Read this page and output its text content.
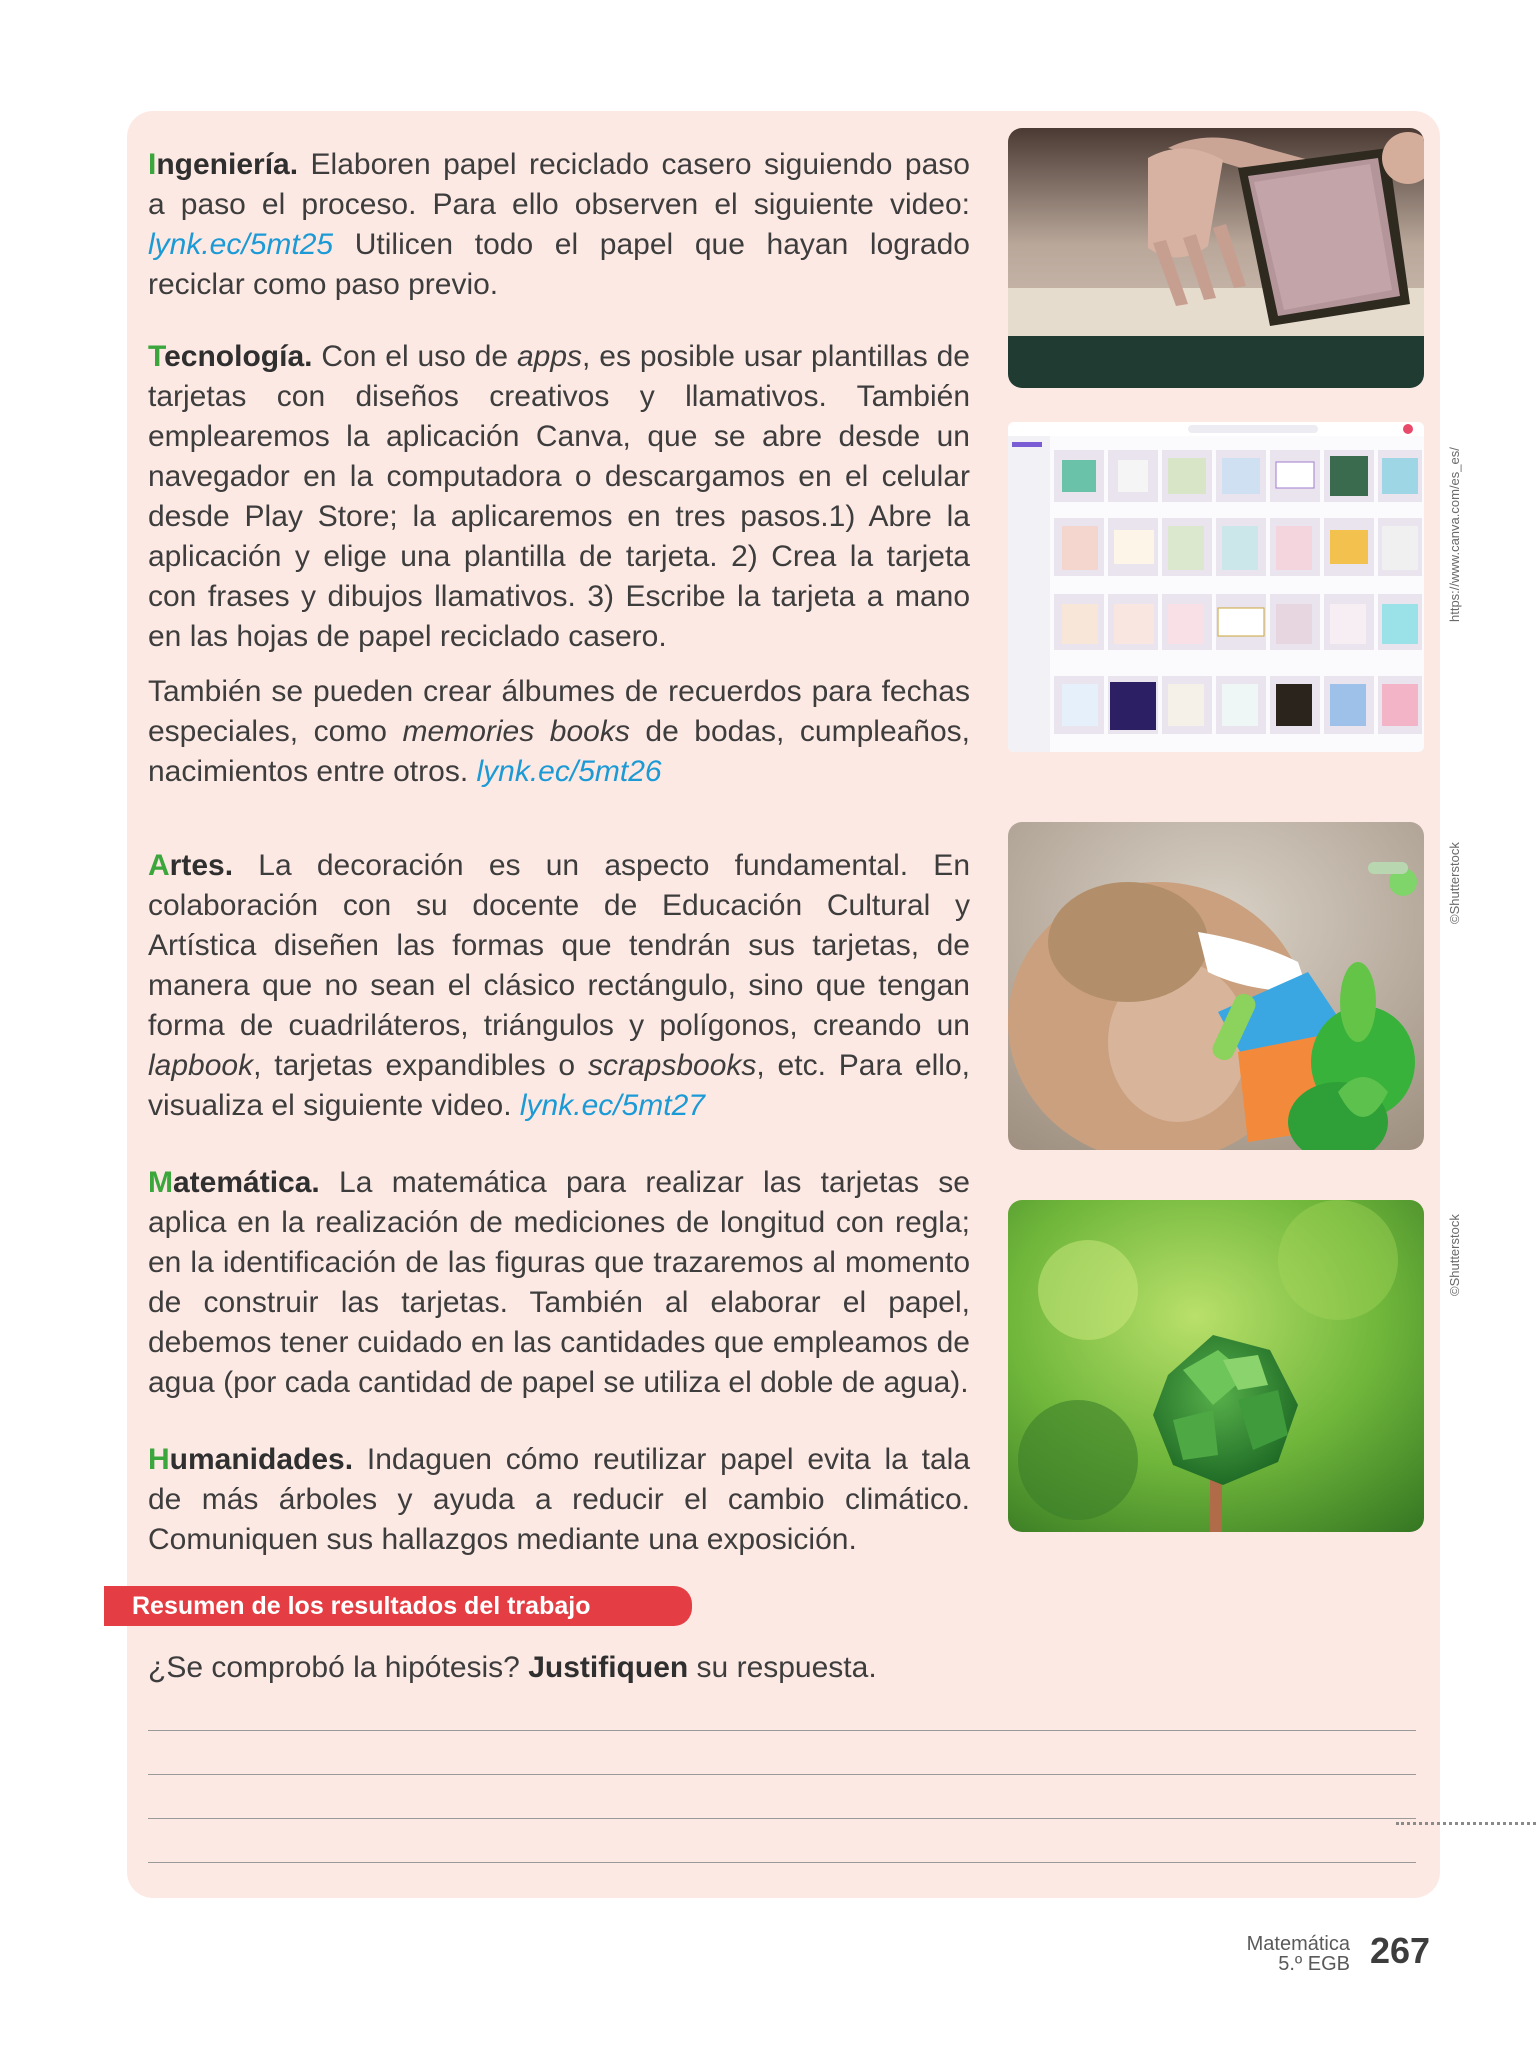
Ingeniería. Elaboren papel reciclado casero siguiendo paso a paso el proceso. Para ello observen el siguiente video: lynk.ec/5mt25 Utilicen todo el papel que hayan logrado reciclar como paso previo.

Tecnología. Con el uso de apps, es posible usar plantillas de tarjetas con diseños creativos y llamativos. También emplearemos la aplicación Canva, que se abre desde un navegador en la computadora o descargamos en el celular desde Play Store; la aplicaremos en tres pasos.1) Abre la aplicación y elige una plantilla de tarjeta. 2) Crea la tarjeta con frases y dibujos llamativos. 3) Escribe la tarjeta a mano en las hojas de papel reciclado casero.

También se pueden crear álbumes de recuerdos para fechas especiales, como memories books de bodas, cumpleaños, nacimientos entre otros. lynk.ec/5mt26

Artes. La decoración es un aspecto fundamental. En colaboración con su docente de Educación Cultural y Artística diseñen las formas que tendrán sus tarjetas, de manera que no sean el clásico rectángulo, sino que tengan forma de cuadriláteros, triángulos y polígonos, creando un lapbook, tarjetas expandibles o scrapsbooks, etc. Para ello, visualiza el siguiente video. lynk.ec/5mt27

Matemática. La matemática para realizar las tarjetas se aplica en la realización de mediciones de longitud con regla; en la identificación de las figuras que trazaremos al momento de construir las tarjetas. También al elaborar el papel, debemos tener cuidado en las cantidades que empleamos de agua (por cada cantidad de papel se utiliza el doble de agua).

Humanidades. Indaguen cómo reutilizar papel evita la tala de más árboles y ayuda a reducir el cambio climático. Comuniquen sus hallazgos mediante una exposición.

https://www.canva.com/es_es/
©Shutterstock
©Shutterstock
Resumen de los resultados del trabajo
¿Se comprobó la hipótesis? Justifiquen su respuesta.
Matemática
5.º EGB 267
